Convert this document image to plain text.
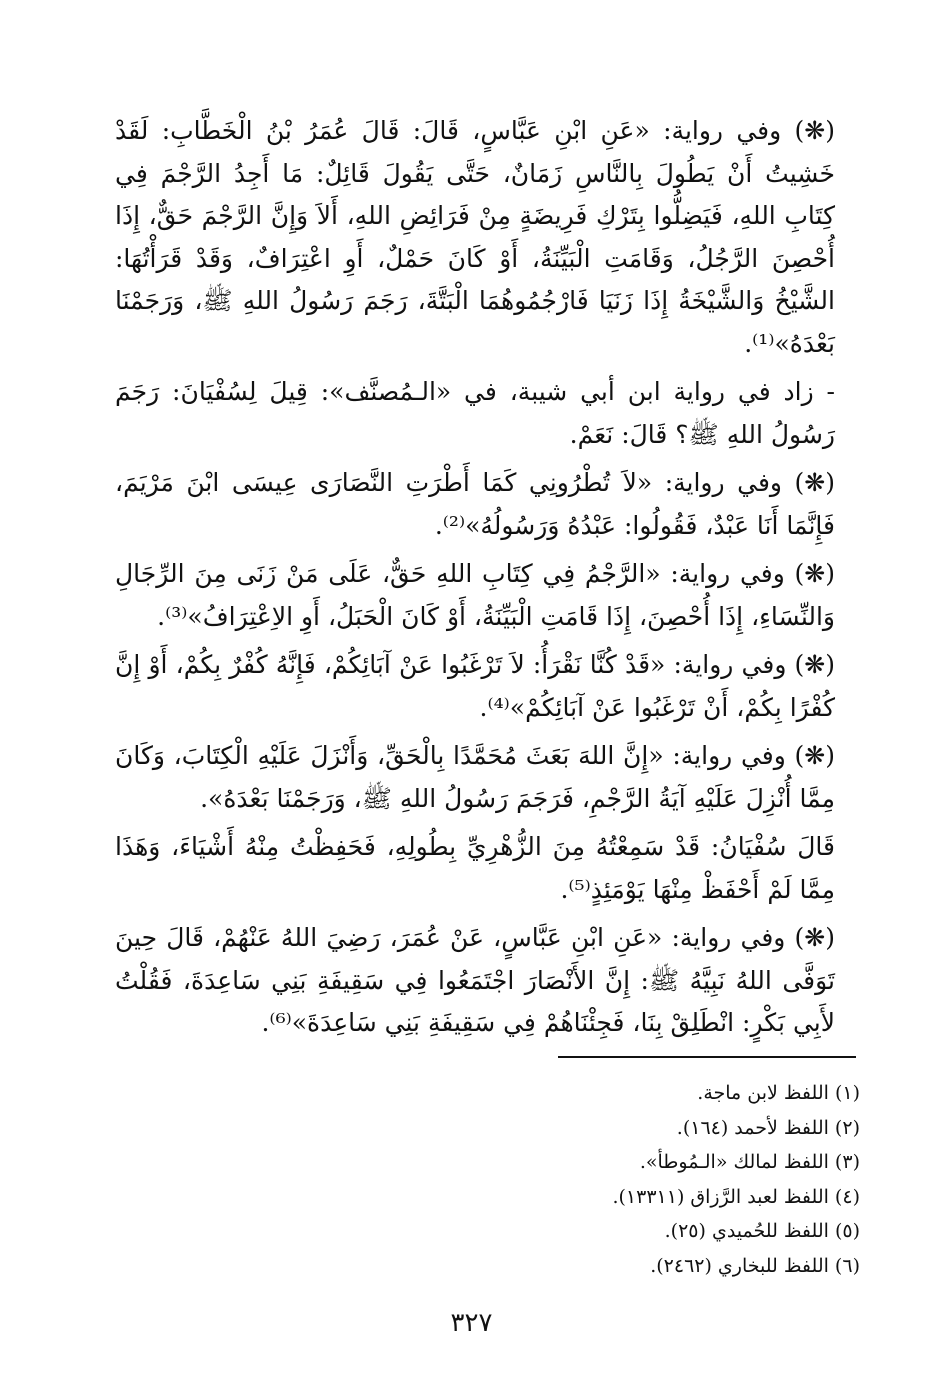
(❋) وفي رواية: «عَنِ ابْنِ عَبَّاسٍ، قَالَ: قَالَ عُمَرُ بْنُ الْخَطَّابِ: لَقَدْ خَشِيتُ أَنْ يَطُولَ بِالنَّاسِ زَمَانٌ، حَتَّى يَقُولَ قَائِلٌ: مَا أَجِدُ الرَّجْمَ فِي كِتَابِ اللهِ، فَيَضِلُّوا بِتَرْكِ فَرِيضَةٍ مِنْ فَرَائِضِ اللهِ، أَلاَ وَإِنَّ الرَّجْمَ حَقٌّ، إِذَا أُحْصِنَ الرَّجُلُ، وَقَامَتِ الْبَيِّنَةُ، أَوْ كَانَ حَمْلٌ، أَوِ اعْتِرَافٌ، وَقَدْ قَرَأْتُهَا: الشَّيْخُ وَالشَّيْخَةُ إِذَا زَنَيَا فَارْجُمُوهُمَا الْبَتَّةَ، رَجَمَ رَسُولُ اللهِ ﷺ، وَرَجَمْنَا بَعْدَهُ»⁽¹⁾.

- زاد في رواية ابن أبي شيبة، في «الـمُصنَّف»: قِيلَ لِسُفْيَانَ: رَجَمَ رَسُولُ اللهِ ﷺ؟ قَالَ: نَعَمْ.

(❋) وفي رواية: «لاَ تُطْرُونِي كَمَا أَطْرَتِ النَّصَارَى عِيسَى ابْنَ مَرْيَمَ، فَإِنَّمَا أَنَا عَبْدٌ، فَقُولُوا: عَبْدُهُ وَرَسُولُهُ»⁽²⁾.

(❋) وفي رواية: «الرَّجْمُ فِي كِتَابِ اللهِ حَقٌّ، عَلَى مَنْ زَنَى مِنَ الرِّجَالِ وَالنِّسَاءِ، إِذَا أُحْصِنَ، إِذَا قَامَتِ الْبَيِّنَةُ، أَوْ كَانَ الْحَبَلُ، أَوِ الاِعْتِرَافُ»⁽³⁾.

(❋) وفي رواية: «قَدْ كُنَّا نَقْرَأُ: لاَ تَرْغَبُوا عَنْ آبَائِكُمْ، فَإِنَّهُ كُفْرٌ بِكُمْ، أَوْ إِنَّ كُفْرًا بِكُمْ، أَنْ تَرْغَبُوا عَنْ آبَائِكُمْ»⁽⁴⁾.

(❋) وفي رواية: «إِنَّ اللهَ بَعَثَ مُحَمَّدًا بِالْحَقِّ، وَأَنْزَلَ عَلَيْهِ الْكِتَابَ، وَكَانَ مِمَّا أُنْزِلَ عَلَيْهِ آيَةُ الرَّجْمِ، فَرَجَمَ رَسُولُ اللهِ ﷺ، وَرَجَمْنَا بَعْدَهُ».

قَالَ سُفْيَانُ: قَدْ سَمِعْتُهُ مِنَ الزُّهْرِيِّ بِطُولِهِ، فَحَفِظْتُ مِنْهُ أَشْيَاءَ، وَهَذَا مِمَّا لَمْ أَحْفَظْ مِنْهَا يَوْمَئِذٍ⁽⁵⁾.

(❋) وفي رواية: «عَنِ ابْنِ عَبَّاسٍ، عَنْ عُمَرَ، رَضِيَ اللهُ عَنْهُمْ، قَالَ حِينَ تَوَفَّى اللهُ نَبِيَّهُ ﷺ: إِنَّ الأَنْصَارَ اجْتَمَعُوا فِي سَقِيفَةِ بَنِي سَاعِدَةَ، فَقُلْتُ لأَبِي بَكْرٍ: انْطَلِقْ بِنَا، فَجِئْنَاهُمْ فِي سَقِيفَةِ بَنِي سَاعِدَةَ»⁽⁶⁾.

(١) اللفظ لابن ماجة.

(٢) اللفظ لأحمد (١٦٤).

(٣) اللفظ لمالك «الـمُوطأ».

(٤) اللفظ لعبد الرَّزاق (١٣٣١١).

(٥) اللفظ للحُميدي (٢٥).

(٦) اللفظ للبخاري (٢٤٦٢).

٣٢٧
